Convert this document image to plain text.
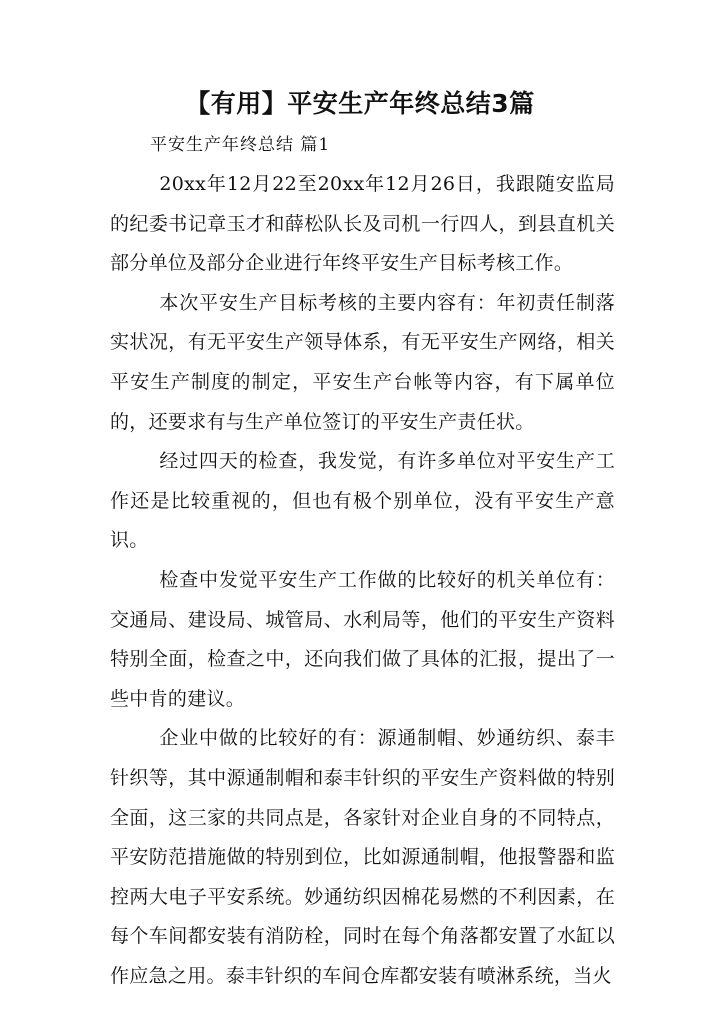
【有用】平安生产年终总结3篇
平安生产年终总结 篇1

20xx年12月22至20xx年12月26日，我跟随安监局的纪委书记章玉才和薛松队长及司机一行四人，到县直机关部分单位及部分企业进行年终平安生产目标考核工作。

本次平安生产目标考核的主要内容有：年初责任制落实状况，有无平安生产领导体系，有无平安生产网络，相关平安生产制度的制定，平安生产台帐等内容，有下属单位的，还要求有与生产单位签订的平安生产责任状。

经过四天的检查，我发觉，有许多单位对平安生产工作还是比较重视的，但也有极个别单位，没有平安生产意识。

检查中发觉平安生产工作做的比较好的机关单位有：交通局、建设局、城管局、水利局等，他们的平安生产资料特别全面，检查之中，还向我们做了具体的汇报，提出了一些中肯的建议。

企业中做的比较好的有：源通制帽、妙通纺织、泰丰针织等，其中源通制帽和泰丰针织的平安生产资料做的特别全面，这三家的共同点是，各家针对企业自身的不同特点，平安防范措施做的特别到位，比如源通制帽，他报警器和监控两大电子平安系统。妙通纺织因棉花易燃的不利因素，在每个车间都安装有消防栓，同时在每个角落都安置了水缸以作应急之用。泰丰针织的车间仓库都安装有喷淋系统，当火
